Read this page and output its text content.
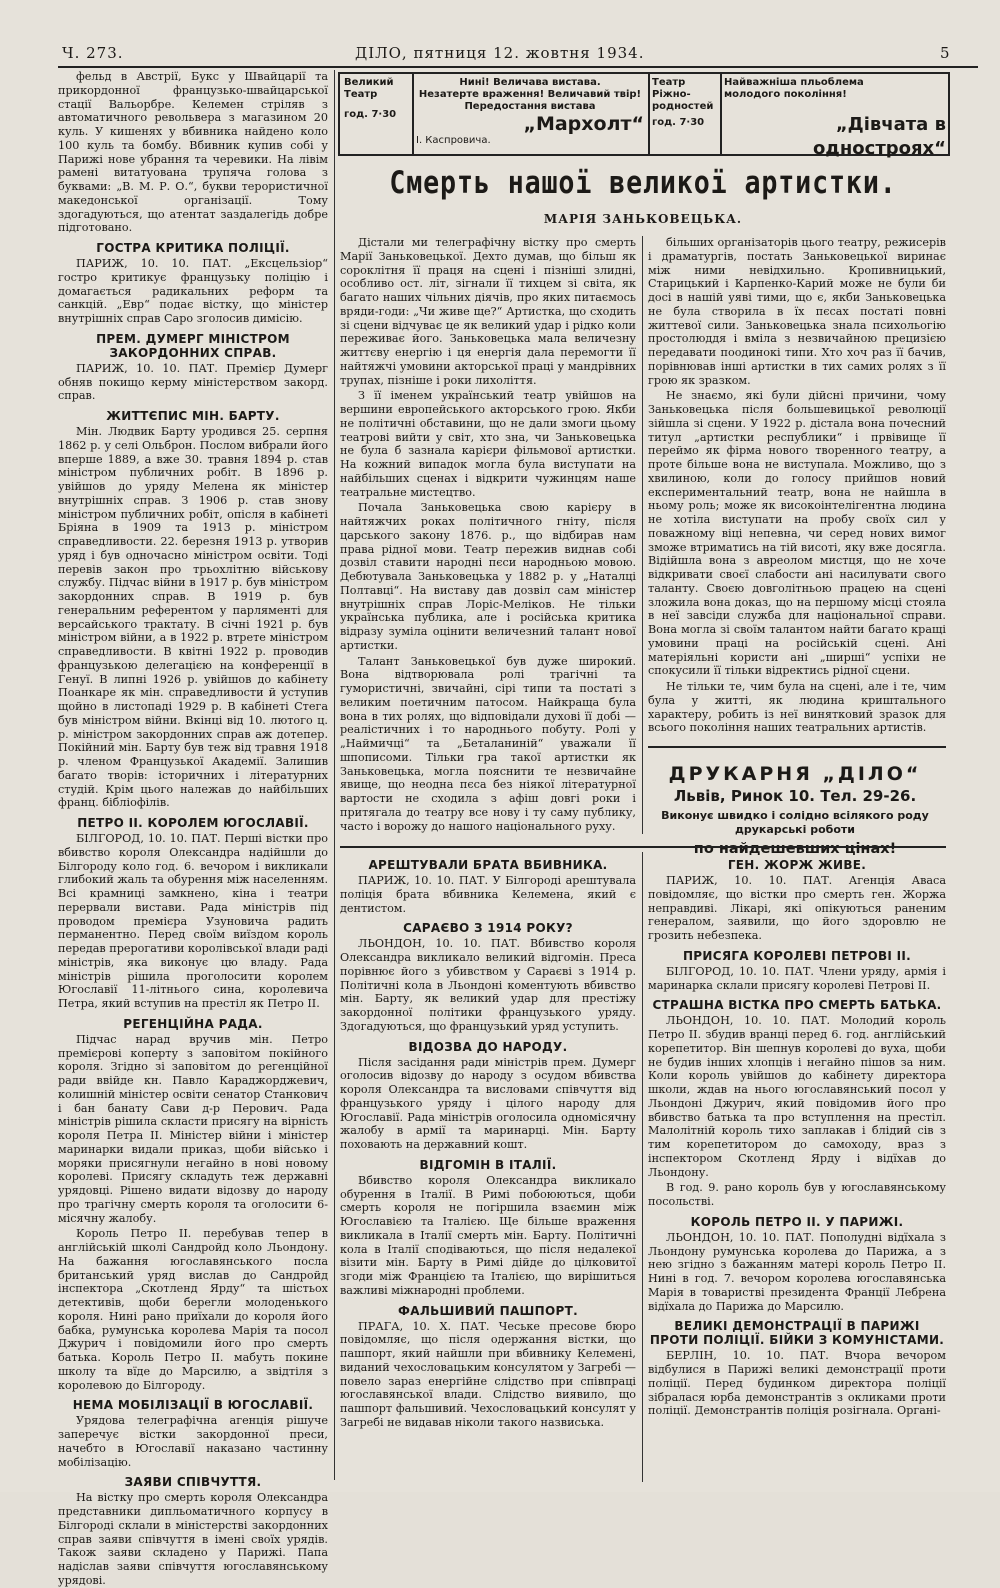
Ч. 273.	ДІЛО, пятниця 12. жовтня 1934.	5

фельд в Австрії, Букс у Швайцарії та прикордонної французько-швайцарської стації Вальорбре. Келемен стріляв з автоматичного револьвера з магазином 20 куль. У кишенях у вбивника найдено коло 100 куль та бомбу. Вбивник купив собі у Парижі нове убрання та черевики. На лівім рамені витатуована трупяча голова з буквами: „В. М. Р. О.“, букви терористичної македонської організації. Тому здогадуються, що атентат заздалегідь добре підготовано.

ГОСТРА КРИТИКА ПОЛІЦІЇ.

ПАРИЖ, 10. 10. ПАТ. „Ексцельзіор“ гостро критикує французьку поліцію і домагається радикальних реформ та санкцій. „Евр“ подає вістку, що міністер внутрішніх справ Саро зголосив димісію.

ПРЕМ. ДУМЕРГ МІНІСТРОМ ЗАКОРДОННИХ СПРАВ.

ПАРИЖ, 10. 10. ПАТ. Премієр Думерг обняв покищо керму міністерством закорд. справ.

ЖИТТЄПИС МІН. БАРТУ.

Мін. Людвик Барту уродився 25. серпня 1862 р. у селі Ольброн. Послом вибрали його вперше 1889, а вже 30. травня 1894 р. став міністром публичних робіт. В 1896 р. увійшов до уряду Мелена як міністер внутрішніх справ. З 1906 р. став знову міністром публичних робіт, опісля в кабінеті Бріяна в 1909 та 1913 р. міністром справедливости. 22. березня 1913 р. утворив уряд і був одночасно міністром освіти. Тоді перевів закон про трьохлітню військову службу. Підчас війни в 1917 р. був міністром закордонних справ. В 1919 р. був генеральним референтом у парляменті для версайського трактату. В січні 1921 р. був міністром війни, а в 1922 р. втрете міністром справедливости. В квітні 1922 р. проводив французькою делегацією на конференції в Генуї. В липні 1926 р. увійшов до кабінету Поанкаре як мін. справедливости й уступив щойно в листопаді 1929 р. В кабінеті Стега був міністром війни. Вкінці від 10. лютого ц. р. міністром закордонних справ аж дотепер. Покійний мін. Барту був теж від травня 1918 р. членом Французької Академії. Залишив багато творів: історичних і літературних студій. Крім цього належав до найбільших франц. бібліофілів.

ПЕТРО II. КОРОЛЕМ ЮГОСЛАВІЇ.

БІЛГОРОД, 10. 10. ПАТ. Перші вістки про вбивство короля Олександра надійшли до Білгороду коло год. 6. вечором і викликали глибокий жаль та обурення між населенням. Всі крамниці замкнено, кіна і театри перервали вистави. Рада міністрів під проводом премієра Узуновича радить перманентно. Перед своїм виїздом король передав прерогативи королівської влади раді міністрів, яка виконує цю владу. Рада міністрів рішила проголосити королем Югославії 11-літнього сина, королевича Петра, який вступив на престіл як Петро II.

РЕГЕНЦІЙНА РАДА.

Підчас нарад вручив мін. Петро премієрові коперту з заповітом покійного короля. Згідно зі заповітом до регенційної ради ввійде кн. Павло Караджорджевич, колишній міністер освіти сенатор Станкович і бан банату Сави д-р Перович. Рада міністрів рішила скласти присягу на вірність короля Петра II. Міністер війни і міністер маринарки видали приказ, щоби військо і моряки присягнули негайно в нові новому королеві. Присягу складуть теж державні урядовці. Рішено видати відозву до народу про трагічну смерть короля та оголосити 6-місячну жалобу.

Король Петро II. перебував тепер в англійській школі Сандройд коло Льондону. На бажання югославянського посла британський уряд вислав до Сандройд інспектора „Скотленд Ярду“ та шістьох детективів, щоби берегли молоденького короля. Нині рано приїхали до короля його бабка, румунська королева Марія та посол Джурич і повідомили його про смерть батька. Король Петро II. мабуть покине школу та вїде до Марсилю, а звідтіля з королевою до Білгороду.

НЕМА МОБІЛІЗАЦІЇ В ЮГОСЛАВІЇ.

Урядова телеграфічна агенція рішуче заперечує вістки закордонної преси, начебто в Югославії наказано частинну мобілізацію.

ЗАЯВИ СПІВЧУТТЯ.

На вістку про смерть короля Олександра представники дипльоматичного корпусу в Білгороді склали в міністерстві закордонних справ заяви співчуття в імені своїх урядів. Також заяви складено у Парижі. Папа надіслав заяви співчуття югославянському урядові.

Великий Театр
год. 7·30
Нині! Величава вистава.
Незатерте враження! Величавий твір!
Передостання вистава
„Мархолт“
І. Каспровича.
Театр Ріжно-родностей
год. 7·30
Найважніша пльоблема
молодого покоління!
„Дівчата в одностроях“
Смерть нашої великої артистки.
МАРІЯ ЗАНЬКОВЕЦЬКА.

Дістали ми телеграфічну вістку про смерть Марії Заньковецької. Дехто думав, що більш як сороклітня її праця на сцені і пізніші злидні, особливо ост. літ, зігнали її тихцем зі світа, як багато наших чільних діячів, про яких питаємось вряди-годи: „Чи живе ще?“ Артистка, що сходить зі сцени відчуває це як великий удар і рідко коли переживає його. Заньковецька мала величезну життєву енергію і ця енергія дала перемогти її найтяжчі умовини акторської праці у мандрівних трупах, пізніше і роки лихоліття.

З її іменем український театр увійшов на вершини европейського акторського грою. Якби не політичні обставини, що не дали змоги цьому театрові вийти у світ, хто зна, чи Заньковецька не була б зазнала карієри фільмової артистки. На кожний випадок могла була виступати на найбільших сценах і відкрити чужинцям наше театральне мистецтво.

Почала Заньковецька свою карієру в найтяжчих роках політичного гніту, після царського закону 1876. р., що відбирав нам права рідної мови. Театр пережив виднав собі дозвіл ставити народні пєси народньою мовою. Дебютувала Заньковецька у 1882 р. у „Наталці Полтавці“. На виставу дав дозвіл сам міністер внутрішніх справ Лоріс-Меліков. Не тільки українська публика, але і російська критика відразу зуміла оцінити величезний талант нової артистки.

Талант Заньковецької був дуже широкий. Вона відтворювала ролі трагічні та гумористичні, звичайні, сірі типи та постаті з великим поетичним патосом. Найкраща була вона в тих ролях, що відповідали духові її добі — реалістичних і то народнього побуту. Ролі у „Наймичці“ та „Беталаниній“ уважали її шпописоми. Тільки гра такої артистки як Заньковецька, могла пояснити те незвичайне явище, що неодна пєса без ніякої літературної вартости не сходила з афіш довгі роки і притягала до театру все нову і ту саму публику, часто і ворожу до нашого національного руху.

більших організаторів цього театру, режисерів і драматургів, постать Заньковецької виринає між ними невідхильно. Кропивницький, Старицький і Карпенко-Карий може не були би досі в нашій уяві тими, що є, якби Заньковецька не була створила в їх пєсах постаті повні життевої сили. Заньковецька знала психольогію простолюддя і вміла з незвичайною прецизією передавати поодинокі типи. Хто хоч раз її бачив, порівнював інші артистки в тих самих ролях з її грою як зразком.

Не знаємо, які були дійсні причини, чому Заньковецька після большевицької революції зійшла зі сцени. У 1922 р. дістала вона почесний титул „артистки республики“ і првівище її переймо як фірма нового творенного театру, а проте більше вона не виступала. Можливо, що з хвилиною, коли до голосу прийшов новий експериментальний театр, вона не найшла в ньому роль; може як високоінтелігентна людина не хотіла виступати на пробу своїх сил у поважному віці непевна, чи серед нових вимог зможе втриматись на тій висоті, яку вже досягла. Відійшла вона з авреолом мистця, що не хоче відкривати своєї слабости ані насилувати свого таланту. Своєю довголітньою працею на сцені зложила вона доказ, що на першому місці стояла в неї завсіди служба для національної справи. Вона могла зі своїм талантом найти багато кращі умовини праці на російській сцені. Ані матеріяльні користи ані „ширші“ успіхи не спокусили її тільки відректись рідної сцени.

Не тільки те, чим була на сцені, але і те, чим була у житті, як людина криштального характеру, робить із неї винятковий зразок для всього покоління наших театральних артистів.

ДРУКАРНЯ „ДІЛО“
Львів, Ринок 10. Тел. 29-26.
Виконує швидко і солідно всілякого роду друкарські роботи
по найдешевших цінах!
АРЕШТУВАЛИ БРАТА ВБИВНИКА.

ПАРИЖ, 10. 10. ПАТ. У Білгороді арештувала поліція брата вбивника Келемена, який є дентистом.

САРАЄВО З 1914 РОКУ?

ЛЬОНДОН, 10. 10. ПАТ. Вбивство короля Олександра викликало великий відгомін. Преса порівнює його з убивством у Сараєві з 1914 р. Політичні кола в Льондоні коментують вбивство мін. Барту, як великий удар для престіжу закордонної політики французького уряду. Здогадуються, що французький уряд уступить.

ВІДОЗВА ДО НАРОДУ.

Після засідання ради міністрів прем. Думерг оголосив відозву до народу з осудом вбивства короля Олександра та висловами співчуття від французького уряду і цілого народу для Югославії. Рада міністрів оголосила одномісячну жалобу в армії та маринарці. Мін. Барту поховають на державний кошт.

ВІДГОМІН В ІТАЛІЇ.

Вбивство короля Олександра викликало обурення в Італії. В Римі побоюються, щоби смерть короля не погіршила взаємин між Югославією та Італією. Ще більше враження викликала в Італії смерть мін. Барту. Політичні кола в Італії сподіваються, що після недалекої візити мін. Барту в Римі дійде до цілковитої згоди між Францією та Італією, що вирішиться важливі міжнародні проблеми.

ФАЛЬШИВИЙ ПАШПОРТ.

ПРАГА, 10. Х. ПАТ. Чеське пресове бюро повідомляє, що після одержання вістки, що пашпорт, який найшли при вбивнику Келемені, виданий чехословацьким консулятом у Загребі — повело зараз енергійне слідство при співпраці югославянської влади. Слідство виявило, що пашпорт фальшивий. Чехословацький консулят у Загребі не видавав ніколи такого назвиська.

ГЕН. ЖОРЖ ЖИВЕ.

ПАРИЖ, 10. 10. ПАТ. Агенція Аваса повідомляє, що вістки про смерть ген. Жоржа неправдиві. Лікарі, які опікуються раненим генералом, заявили, що його здоровлю не грозить небезпека.

ПРИСЯГА КОРОЛЕВІ ПЕТРОВІ II.

БІЛГОРОД, 10. 10. ПАТ. Члени уряду, армія і маринарка склали присягу королеві Петрові II.

СТРАШНА ВІСТКА ПРО СМЕРТЬ БАТЬКА.

ЛЬОНДОН, 10. 10. ПАТ. Молодий король Петро II. збудив вранці перед 6. год. англійський корепетитор. Він шепнув королеві до вуха, щоби не будив інших хлопців і негайно пішов за ним. Коли король увійшов до кабінету директора школи, ждав на нього югославянський посол у Льондоні Джурич, який повідомив його про вбивство батька та про вступлення на престіл. Малолітній король тихо заплакав і блідий сів з тим корепетитором до самоходу, враз з інспектором Скотленд Ярду і відїхав до Льондону.

В год. 9. рано король був у югославянському посольстві.

КОРОЛЬ ПЕТРО II. У ПАРИЖІ.

ЛЬОНДОН, 10. 10. ПАТ. Пополудні відїхала з Льондону румунська королева до Парижа, а з нею згідно з бажанням матері король Петро II. Нині в год. 7. вечором королева югославянська Марія в товаристві президента Франції Лебрена відїхала до Парижа до Марсилю.

ВЕЛИКІ ДЕМОНСТРАЦІЇ В ПАРИЖІ ПРОТИ ПОЛІЦІЇ. БІЙКИ З КОМУНІСТАМИ.

БЕРЛІН, 10. 10. ПАТ. Вчора вечором відбулися в Парижі великі демонстрації проти поліції. Перед будинком директора поліції зібралася юрба демонстрантів з окликами проти поліції. Демонстрантів поліція розігнала. Органі-
